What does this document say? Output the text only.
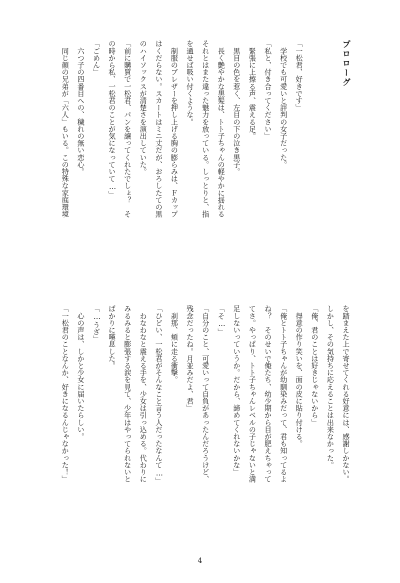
プロローグ
「一松君、好きです」
　学校でも可愛いと評判の女子だった。
「私と、付き合ってください」
　緊張に上擦る声、震える足。
　黒目の色を惹く、左目の下の泣き黒子。
　長く艶やかな黒髪は、トト子ちゃんの軽やかに揺れる
それとはまた違った魅力を放っている。しっとりと、指
を通せば吸い付くような。
　制服のブレザーを押し上げる胸の膨らみは、Ｆカップ
はくだらない。スカートはミニ丈だが、おろしたての黒
のハイソックスが清楚さを演出していた。
「前に購買で一松君、パンを譲ってくれたでしょ？　そ
の時から私、一松君のことが気になっていて…」
「ごめん」
　六つ子の四番目への、穢れの無い恋心。
　同じ顔の兄弟が「六人」もいる。この特殊な家庭環境
を踏まえた上で寄せてくれる好意には、感謝しかない。
しかし、その気持ちに応えることは出来なかった。
「俺、君のことは好きじゃないから」
　得意の作り笑いを、面の皮に貼り付ける。
「俺とトト子ちゃんが幼馴染みだって、君も知ってるよ
ね？　そのせいで俺たち、幼少期から目が肥えちゃって
てさ。やっぱり、トト子ちゃんレベルの子じゃないと満
足しないっていうか。だから、諦めてくれないかな」
「そ…」
「自分のこと、可愛いって自負があったんだろうけど、
残念だったね。月並みだよ、君」
　刹那、頬に走る衝撃。
「ひどい、一松君がそんなこと言う人だったなんて…」
　わなわなと震える手を、少女は引っ込める。代わりに
みるみると膨張する涙を見て、少年はやってられないと
ばかりに嘆息した。
「…うざ」
　心の声は、しかと少女に届いたらしい。
「一松君のことなんか、好きになるんじゃなかった！」
4
